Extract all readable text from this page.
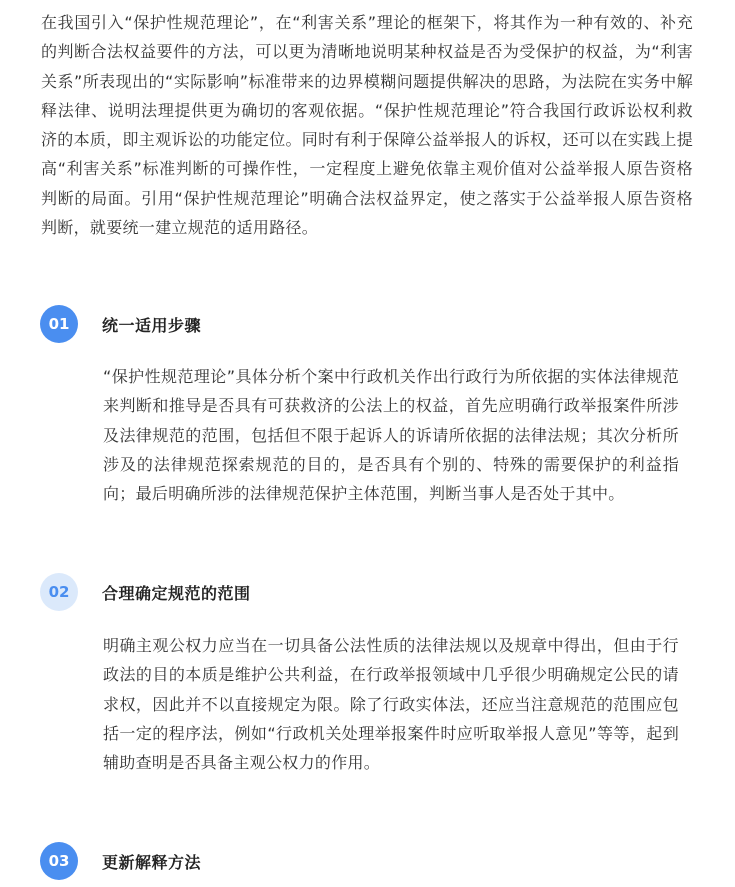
在我国引入“保护性规范理论”，在“利害关系”理论的框架下，将其作为一种有效的、补充的判断合法权益要件的方法，可以更为清晰地说明某种权益是否为受保护的权益，为“利害关系”所表现出的“实际影响”标准带来的边界模糊问题提供解决的思路，为法院在实务中解释法律、说明法理提供更为确切的客观依据。“保护性规范理论”符合我国行政诉讼权利救济的本质，即主观诉讼的功能定位。同时有利于保障公益举报人的诉权，还可以在实践上提高“利害关系”标准判断的可操作性，一定程度上避免依靠主观价值对公益举报人原告资格判断的局面。引用“保护性规范理论”明确合法权益界定，使之落实于公益举报人原告资格判断，就要统一建立规范的适用路径。

01	统一适用步骤

“保护性规范理论”具体分析个案中行政机关作出行政行为所依据的实体法律规范来判断和推导是否具有可获救济的公法上的权益，首先应明确行政举报案件所涉及法律规范的范围，包括但不限于起诉人的诉请所依据的法律法规；其次分析所涉及的法律规范探索规范的目的，是否具有个别的、特殊的需要保护的利益指向；最后明确所涉的法律规范保护主体范围，判断当事人是否处于其中。

02	合理确定规范的范围

明确主观公权力应当在一切具备公法性质的法律法规以及规章中得出，但由于行政法的目的本质是维护公共利益，在行政举报领域中几乎很少明确规定公民的请求权，因此并不以直接规定为限。除了行政实体法，还应当注意规范的范围应包括一定的程序法，例如“行政机关处理举报案件时应听取举报人意见”等等，起到辅助查明是否具备主观公权力的作用。

03	更新解释方法
